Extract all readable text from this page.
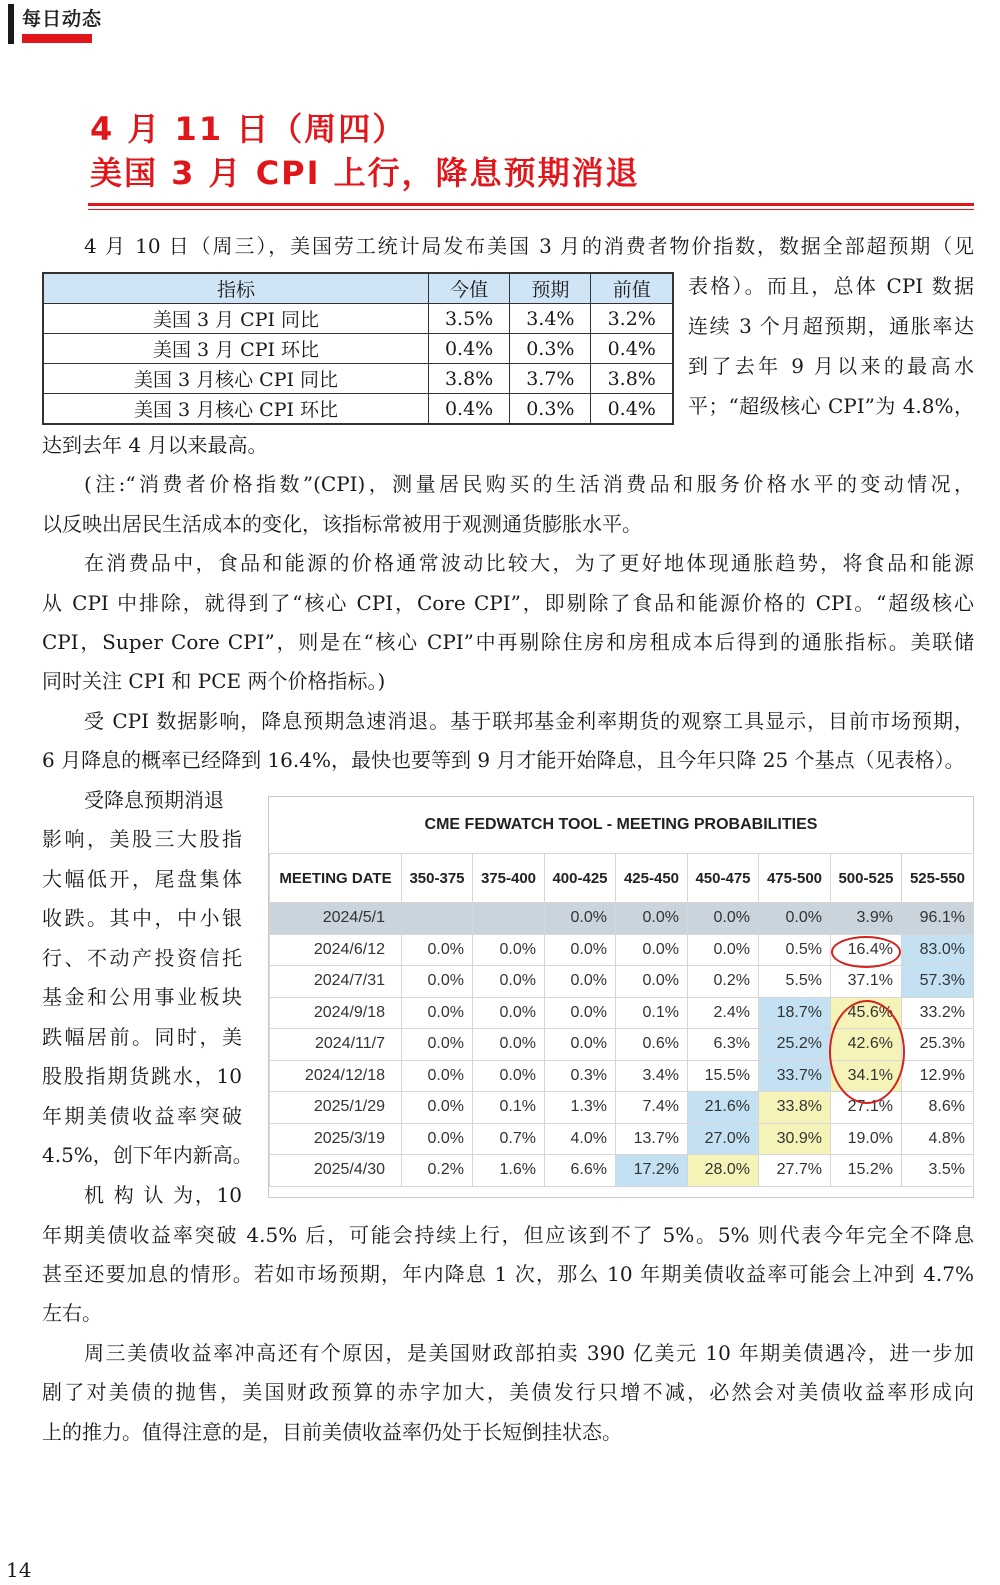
每日动态
4 月 11 日（周四）
美国 3 月 CPI 上行，降息预期消退
4 月 10 日（周三），美国劳工统计局发布美国 3 月的消费者物价指数，数据全部超预期（见
指标	今值	预期	前值
美国 3 月 CPI 同比	3.5%	3.4%	3.2%
美国 3 月 CPI 环比	0.4%	0.3%	0.4%
美国 3 月核心 CPI 同比	3.8%	3.7%	3.8%
美国 3 月核心 CPI 环比	0.4%	0.3%	0.4%
表格）。而且，总体 CPI 数据
连续 3 个月超预期，通胀率达
到了去年 9 月以来的最高水
平；“超级核心 CPI”为 4.8%，
达到去年 4 月以来最高。
(注:“消费者价格指数”(CPI)，测量居民购买的生活消费品和服务价格水平的变动情况，
以反映出居民生活成本的变化，该指标常被用于观测通货膨胀水平。
在消费品中，食品和能源的价格通常波动比较大，为了更好地体现通胀趋势，将食品和能源
从 CPI 中排除，就得到了“核心 CPI，Core CPI”，即剔除了食品和能源价格的 CPI。“超级核心
CPI，Super Core CPI”，则是在“核心 CPI”中再剔除住房和房租成本后得到的通胀指标。美联储
同时关注 CPI 和 PCE 两个价格指标。)
受 CPI 数据影响，降息预期急速消退。基于联邦基金利率期货的观察工具显示，目前市场预期，
6 月降息的概率已经降到 16.4%，最快也要等到 9 月才能开始降息，且今年只降 25 个基点（见表格）。
受降息预期消退
影响，美股三大股指
大幅低开，尾盘集体
收跌。其中，中小银
行、不动产投资信托
基金和公用事业板块
跌幅居前。同时，美
股股指期货跳水，10
年期美债收益率突破
4.5%，创下年内新高。
机 构 认 为，10
CME FEDWATCH TOOL - MEETING PROBABILITIES
MEETING DATE	350-375	375-400	400-425	425-450	450-475	475-500	500-525	525-550
2024/5/1			0.0%	0.0%	0.0%	0.0%	3.9%	96.1%
2024/6/12	0.0%	0.0%	0.0%	0.0%	0.0%	0.5%	16.4%	83.0%
2024/7/31	0.0%	0.0%	0.0%	0.0%	0.2%	5.5%	37.1%	57.3%
2024/9/18	0.0%	0.0%	0.0%	0.1%	2.4%	18.7%	45.6%	33.2%
2024/11/7	0.0%	0.0%	0.0%	0.6%	6.3%	25.2%	42.6%	25.3%
2024/12/18	0.0%	0.0%	0.3%	3.4%	15.5%	33.7%	34.1%	12.9%
2025/1/29	0.0%	0.1%	1.3%	7.4%	21.6%	33.8%	27.1%	8.6%
2025/3/19	0.0%	0.7%	4.0%	13.7%	27.0%	30.9%	19.0%	4.8%
2025/4/30	0.2%	1.6%	6.6%	17.2%	28.0%	27.7%	15.2%	3.5%
年期美债收益率突破 4.5% 后，可能会持续上行，但应该到不了 5%。5% 则代表今年完全不降息
甚至还要加息的情形。若如市场预期，年内降息 1 次，那么 10 年期美债收益率可能会上冲到 4.7%
左右。
周三美债收益率冲高还有个原因，是美国财政部拍卖 390 亿美元 10 年期美债遇冷，进一步加
剧了对美债的抛售，美国财政预算的赤字加大，美债发行只增不减，必然会对美债收益率形成向
上的推力。值得注意的是，目前美债收益率仍处于长短倒挂状态。
14
